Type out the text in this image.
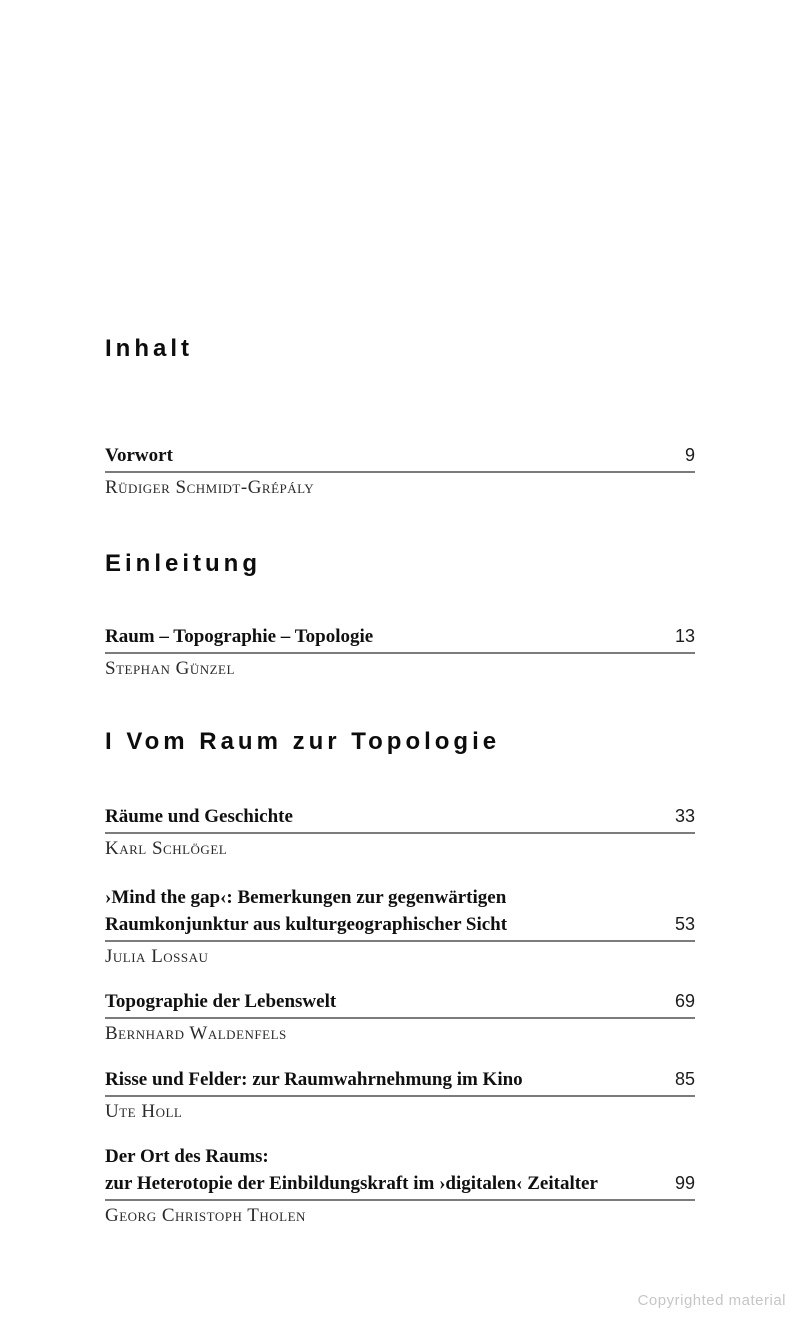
Inhalt
Vorwort	9
Rüdiger Schmidt-Grépály
Einleitung
Raum – Topographie – Topologie	13
Stephan Günzel
I Vom Raum zur Topologie
Räume und Geschichte	33
Karl Schlögel
›Mind the gap‹: Bemerkungen zur gegenwärtigen
Raumkonjunktur aus kulturgeographischer Sicht	53
Julia Lossau
Topographie der Lebenswelt	69
Bernhard Waldenfels
Risse und Felder: zur Raumwahrnehmung im Kino	85
Ute Holl
Der Ort des Raums:
zur Heterotopie der Einbildungskraft im ›digitalen‹ Zeitalter	99
Georg Christoph Tholen
Copyrighted material
